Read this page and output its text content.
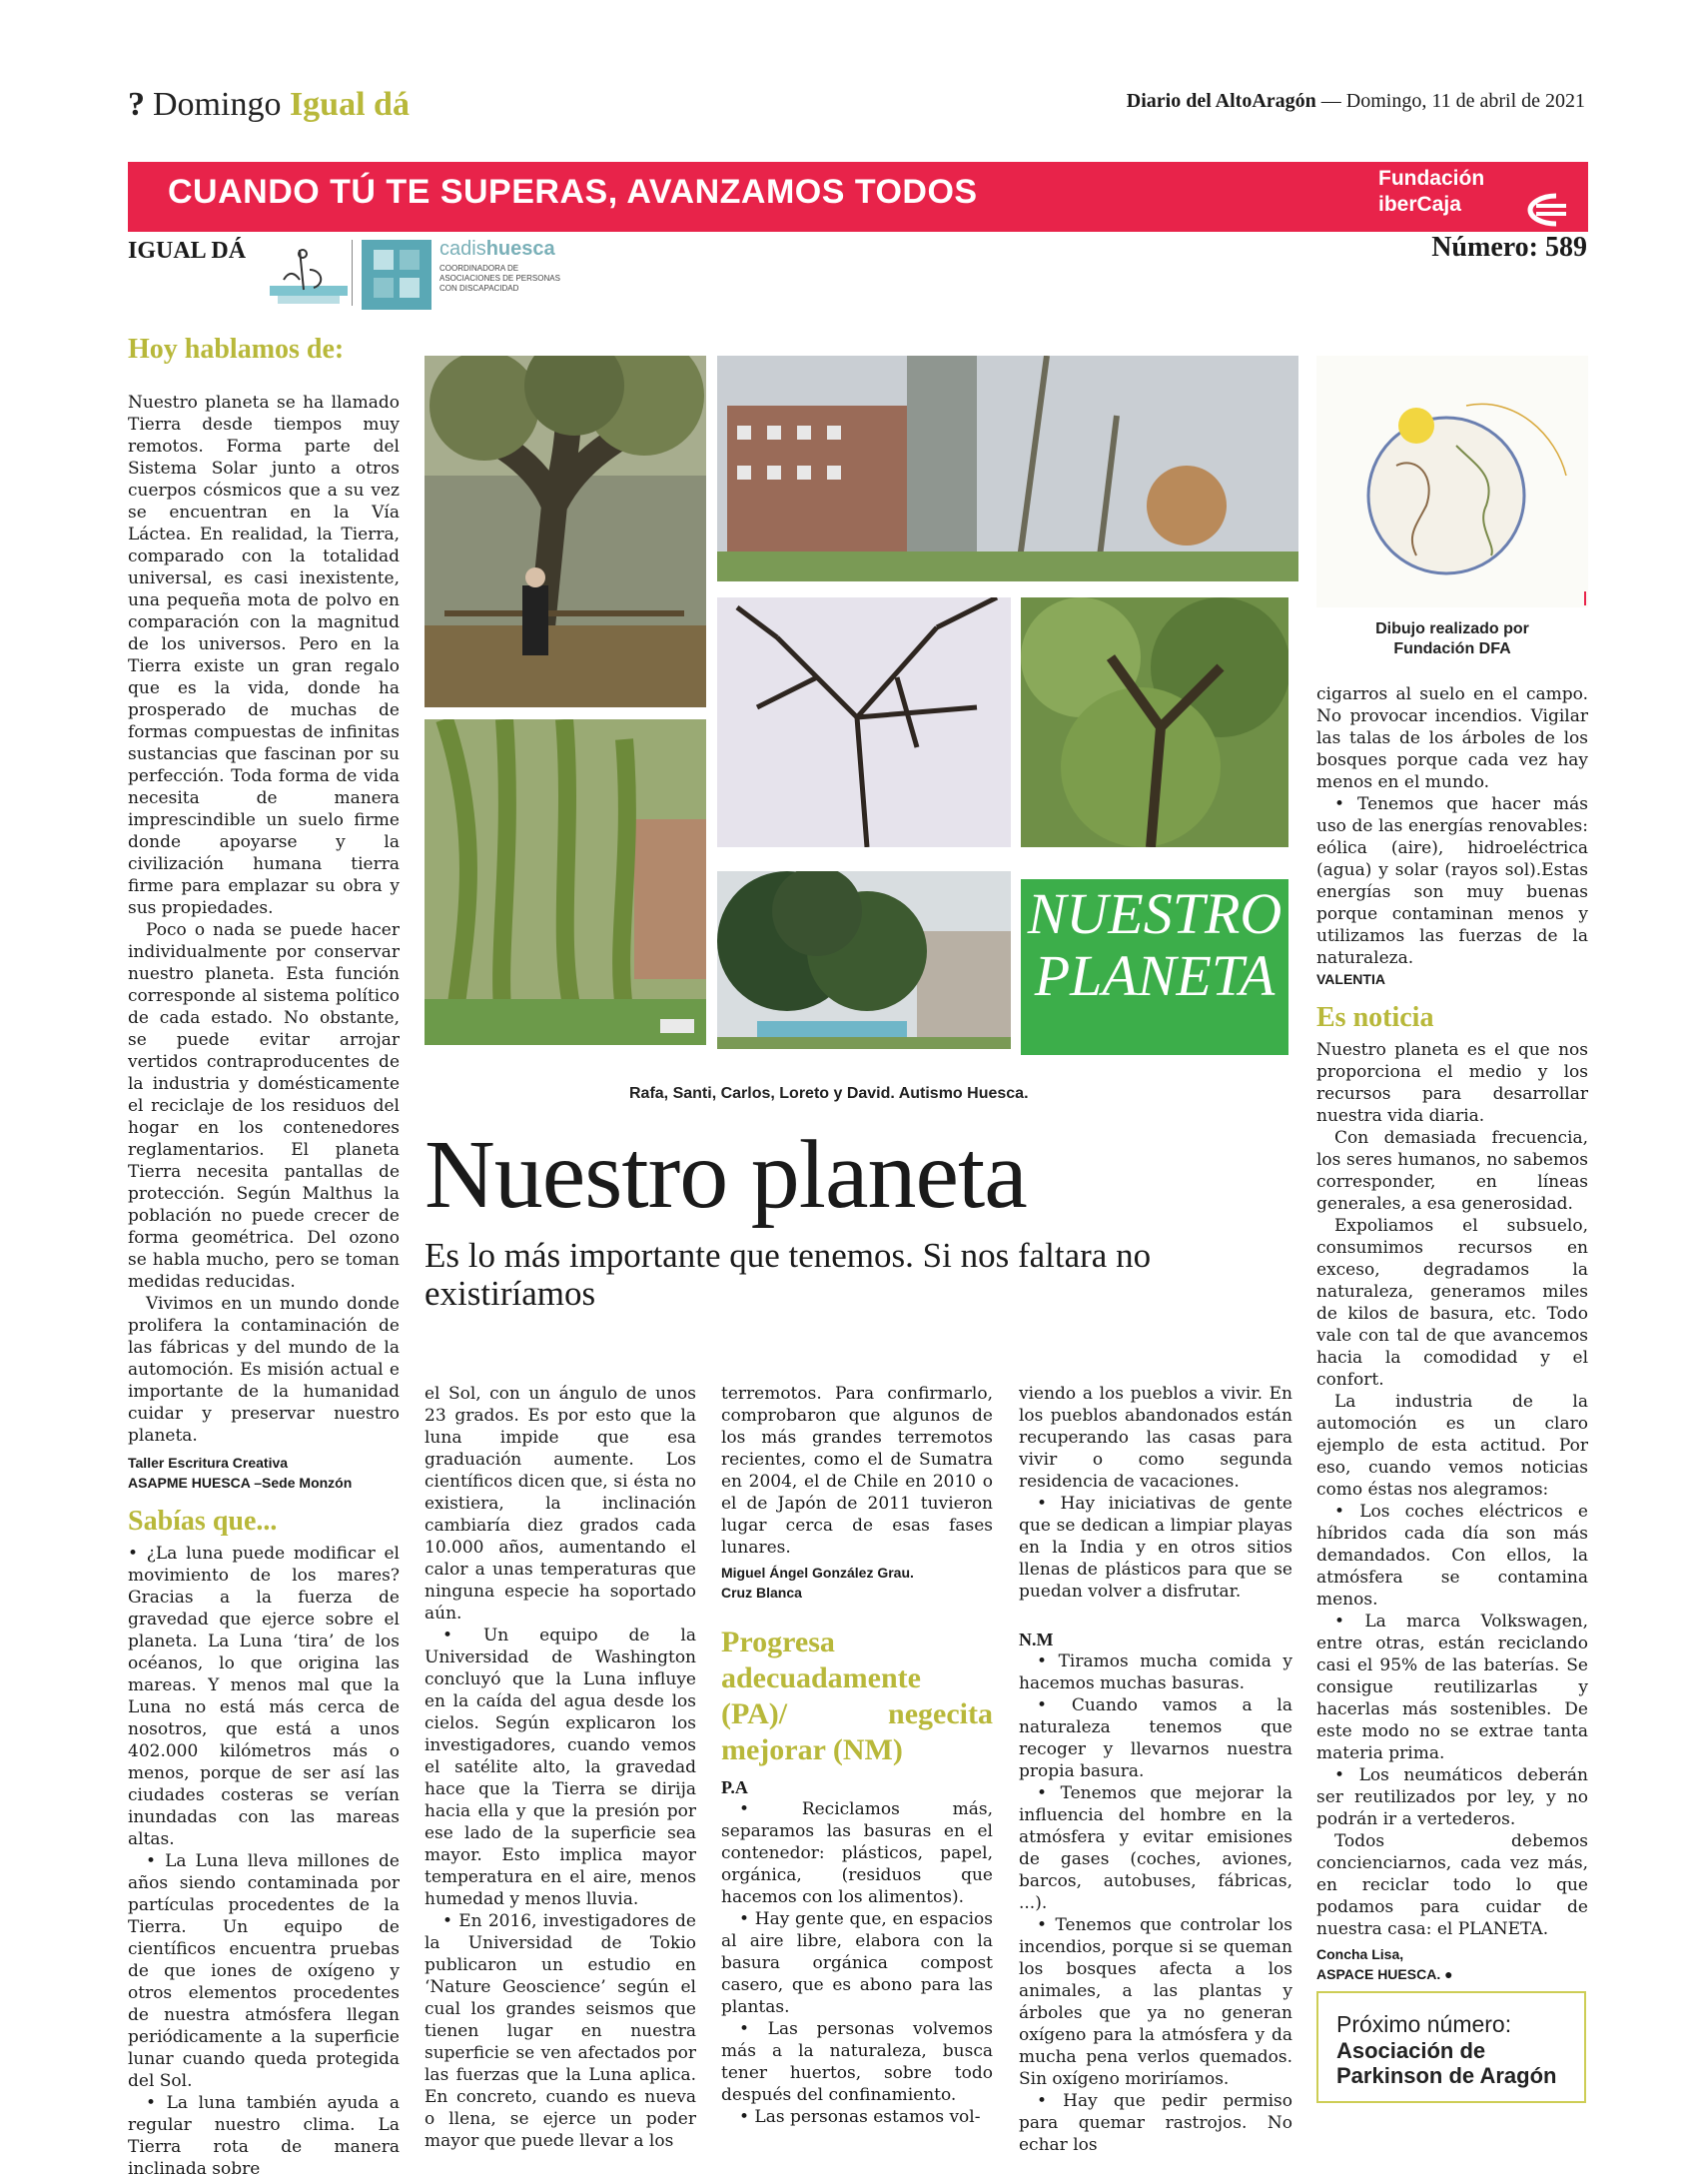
? Domingo Igual dá	Diario del AltoAragón — Domingo, 11 de abril de 2021
CUANDO TÚ TE SUPERAS, AVANZAMOS TODOS	Fundación
iberCaja
IGUAL DÁ	Número: 589
cadishuesca
COORDINADORA DE ASOCIACIONES DE PERSONAS CON DISCAPACIDAD
Hoy hablamos de:

Nuestro planeta se ha llamado Tierra desde tiempos muy remotos. Forma parte del Sistema Solar junto a otros cuerpos cósmicos que a su vez se encuentran en la Vía Láctea. En realidad, la Tierra, comparado con la totalidad universal, es casi inexistente, una pequeña mota de polvo en comparación con la magnitud de los universos. Pero en la Tierra existe un gran regalo que es la vida, donde ha prosperado de muchas de formas compuestas de infinitas sustancias que fascinan por su perfección. Toda forma de vida necesita de manera imprescindible un suelo firme donde apoyarse y la civilización humana tierra firme para emplazar su obra y sus propiedades.

Poco o nada se puede hacer individualmente por conservar nuestro planeta. Esta función corresponde al sistema político de cada estado. No obstante, se puede evitar arrojar vertidos contraproducentes de la industria y domésticamente el reciclaje de los residuos del hogar en los contenedores reglamentarios. El planeta Tierra necesita pantallas de protección. Según Malthus la población no puede crecer de forma geométrica. Del ozono se habla mucho, pero se toman medidas reducidas.

Vivimos en un mundo donde prolifera la contaminación de las fábricas y del mundo de la automoción. Es misión actual e importante de la humanidad cuidar y preservar nuestro planeta.

Taller Escritura Creativa
ASAPME HUESCA –Sede Monzón
Sabías que...

• ¿La luna puede modificar el movimiento de los mares? Gracias a la fuerza de gravedad que ejerce sobre el planeta. La Luna ‘tira’ de los océanos, lo que origina las mareas. Y menos mal que la Luna no está más cerca de nosotros, que está a unos 402.000 kilómetros más o menos, porque de ser así las ciudades costeras se verían inundadas con las mareas altas.

• La Luna lleva millones de años siendo contaminada por partículas procedentes de la Tierra. Un equipo de científicos encuentra pruebas de que iones de oxígeno y otros elementos procedentes de nuestra atmósfera llegan periódicamente a la superficie lunar cuando queda protegida del Sol.

• La luna también ayuda a regular nuestro clima. La Tierra rota de manera inclinada sobre

NUESTRO
PLANETA
Rafa, Santi, Carlos, Loreto y David. Autismo Huesca.
Dibujo realizado por
Fundación DFA
Nuestro planeta
Es lo más importante que tenemos. Si nos faltara no existiríamos

el Sol, con un ángulo de unos 23 grados. Es por esto que la luna impide que esa graduación aumente. Los científicos dicen que, si ésta no existiera, la inclinación cambiaría diez grados cada 10.000 años, aumentando el calor a unas temperaturas que ninguna especie ha soportado aún.

• Un equipo de la Universidad de Washington concluyó que la Luna influye en la caída del agua desde los cielos. Según explicaron los investigadores, cuando vemos el satélite alto, la gravedad hace que la Tierra se dirija hacia ella y que la presión por ese lado de la superficie sea mayor. Esto implica mayor temperatura en el aire, menos humedad y menos lluvia.

• En 2016, investigadores de la Universidad de Tokio publicaron un estudio en ‘Nature Geoscience’ según el cual los grandes seismos que tienen lugar en nuestra superficie se ven afectados por las fuerzas que la Luna aplica. En concreto, cuando es nueva o llena, se ejerce un poder mayor que puede llevar a los

terremotos. Para confirmarlo, comprobaron que algunos de los más grandes terremotos recientes, como el de Sumatra en 2004, el de Chile en 2010 o el de Japón de 2011 tuvieron lugar cerca de esas fases lunares.

Miguel Ángel González Grau.
Cruz Blanca
Progresa adecuadamente (PA)/ negecita mejorar (NM)
P.A

• Reciclamos más, separamos las basuras en el contenedor: plásticos, papel, orgánica, (residuos que hacemos con los alimentos).

• Hay gente que, en espacios al aire libre, elabora con la basura orgánica compost casero, que es abono para las plantas.

• Las personas volvemos más a la naturaleza, busca tener huertos, sobre todo después del confinamiento.

• Las personas estamos vol-

viendo a los pueblos a vivir. En los pueblos abandonados están recuperando las casas para vivir o como segunda residencia de vacaciones.

• Hay iniciativas de gente que se dedican a limpiar playas en la India y en otros sitios llenas de plásticos para que se puedan volver a disfrutar.

N.M

• Tiramos mucha comida y hacemos muchas basuras.

• Cuando vamos a la naturaleza tenemos que recoger y llevarnos nuestra propia basura.

• Tenemos que mejorar la influencia del hombre en la atmósfera y evitar emisiones de gases (coches, aviones, barcos, autobuses, fábricas, ...).

• Tenemos que controlar los incendios, porque si se queman los bosques afecta a los animales, a las plantas y árboles que ya no generan oxígeno para la atmósfera y da mucha pena verlos quemados. Sin oxígeno moriríamos.

• Hay que pedir permiso para quemar rastrojos. No echar los

cigarros al suelo en el campo. No provocar incendios. Vigilar las talas de los árboles de los bosques porque cada vez hay menos en el mundo.

• Tenemos que hacer más uso de las energías renovables: eólica (aire), hidroeléctrica (agua) y solar (rayos sol).Estas energías son muy buenas porque contaminan menos y utilizamos las fuerzas de la naturaleza.

VALENTIA
Es noticia

Nuestro planeta es el que nos proporciona el medio y los recursos para desarrollar nuestra vida diaria.

Con demasiada frecuencia, los seres humanos, no sabemos corresponder, en líneas generales, a esa generosidad.

Expoliamos el subsuelo, consumimos recursos en exceso, degradamos la naturaleza, generamos miles de kilos de basura, etc. Todo vale con tal de que avancemos hacia la comodidad y el confort.

La industria de la automoción es un claro ejemplo de esta actitud. Por eso, cuando vemos noticias como éstas nos alegramos:

• Los coches eléctricos e híbridos cada día son más demandados. Con ellos, la atmósfera se contamina menos.

• La marca Volkswagen, entre otras, están reciclando casi el 95% de las baterías. Se consigue reutilizarlas y hacerlas más sostenibles. De este modo no se extrae tanta materia prima.

• Los neumáticos deberán ser reutilizados por ley, y no podrán ir a vertederos.

Todos debemos concienciarnos, cada vez más, en reciclar todo lo que podamos para cuidar de nuestra casa: el PLANETA.

Concha Lisa,
ASPACE HUESCA. ●
Próximo número:
Asociación de
Parkinson de Aragón
